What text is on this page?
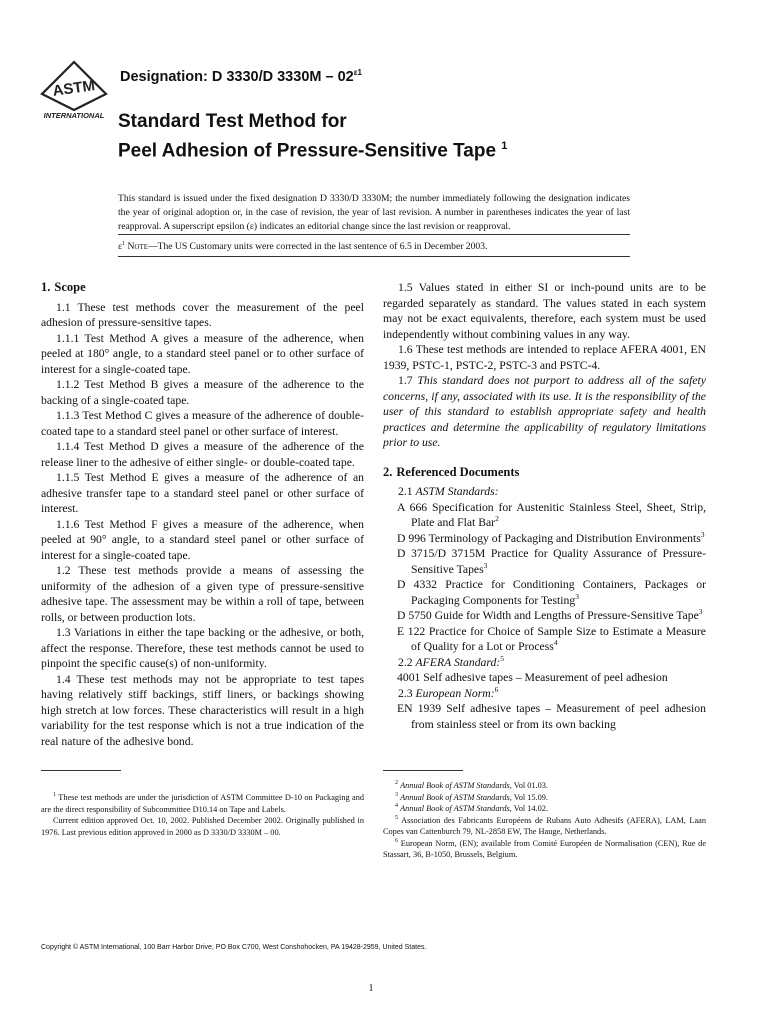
ASTM
INTERNATIONAL
Designation: D 3330/D $3330M - 02^{\varepsilon 1}$
Standard Test Method for
Peel Adhesion of Pressure-Sensitive Tape $^1$
This standard is issued under the fixed designation D 3330/D 3330M; the number immediately following the designation indicates the year of original adoption or, in the case of revision, the year of last revision. A number in parentheses indicates the year of last reapproval. A superscript epsilon (ε) indicates an editorial change since the last revision or reapproval.
$\varepsilon^1$ Note—The US Customary units were corrected in the last sentence of 6.5 in December 2003.
1. Scope

1.1 These test methods cover the measurement of the peel adhesion of pressure-sensitive tapes.

1.1.1 Test Method A gives a measure of the adherence, when peeled at 180° angle, to a standard steel panel or to other surface of interest for a single-coated tape.

1.1.2 Test Method B gives a measure of the adherence to the backing of a single-coated tape.

1.1.3 Test Method C gives a measure of the adherence of double-coated tape to a standard steel panel or other surface of interest.

1.1.4 Test Method D gives a measure of the adherence of the release liner to the adhesive of either single- or double-coated tape.

1.1.5 Test Method E gives a measure of the adherence of an adhesive transfer tape to a standard steel panel or other surface of interest.

1.1.6 Test Method F gives a measure of the adherence, when peeled at 90° angle, to a standard steel panel or other surface of interest for a single-coated tape.

1.2 These test methods provide a means of assessing the uniformity of the adhesion of a given type of pressure-sensitive adhesive tape. The assessment may be within a roll of tape, between rolls, or between production lots.

1.3 Variations in either the tape backing or the adhesive, or both, affect the response. Therefore, these test methods cannot be used to pinpoint the specific cause(s) of non-uniformity.

1.4 These test methods may not be appropriate to test tapes having relatively stiff backings, stiff liners, or backings showing high stretch at low forces. These characteristics will result in a high variability for the test response which is not a true indication of the real nature of the adhesive bond.

1.5 Values stated in either SI or inch-pound units are to be regarded separately as standard. The values stated in each system may not be exact equivalents, therefore, each system must be used independently without combining values in any way.

1.6 These test methods are intended to replace AFERA 4001, EN 1939, PSTC-1, PSTC-2, PSTC-3 and PSTC-4.

1.7 This standard does not purport to address all of the safety concerns, if any, associated with its use. It is the responsibility of the user of this standard to establish appropriate safety and health practices and determine the applicability of regulatory limitations prior to use.

2. Referenced Documents

2.1 ASTM Standards:

A 666 Specification for Austenitic Stainless Steel, Sheet, Strip, Plate and Flat Bar$^2$

D 996 Terminology of Packaging and Distribution Environments$^3$

D 3715/D 3715M Practice for Quality Assurance of Pressure-Sensitive Tapes$^3$

D 4332 Practice for Conditioning Containers, Packages or Packaging Components for Testing$^3$

D 5750 Guide for Width and Lengths of Pressure-Sensitive Tape$^3$

E 122 Practice for Choice of Sample Size to Estimate a Measure of Quality for a Lot or Process$^4$

2.2 AFERA Standard:$^5$

4001 Self adhesive tapes – Measurement of peel adhesion

2.3 European Norm:$^6$

EN 1939 Self adhesive tapes – Measurement of peel adhesion from stainless steel or from its own backing

$^1$ These test methods are under the jurisdiction of ASTM Committee D-10 on Packaging and are the direct responsibility of Subcommittee D10.14 on Tape and Labels.

Current edition approved Oct. 10, 2002. Published December 2002. Originally published in 1976. Last previous edition approved in 2000 as D 3330/D 3330M – 00.

$^2$ Annual Book of ASTM Standards, Vol 01.03.

$^3$ Annual Book of ASTM Standards, Vol 15.09.

$^4$ Annual Book of ASTM Standards, Vol 14.02.

$^5$ Association des Fabricants Européens de Rubans Auto Adhesifs (AFERA), LAM, Laan Copes van Cattenburch 79, NL-2858 EW, The Hauge, Netherlands.

$^6$ European Norm, (EN); available from Comité Européen de Normalisation (CEN), Rue de Stassart, 36, B-1050, Brussels, Belgium.

Copyright © ASTM International, 100 Barr Harbor Drive, PO Box C700, West Conshohocken, PA 19428-2959, United States.
1
